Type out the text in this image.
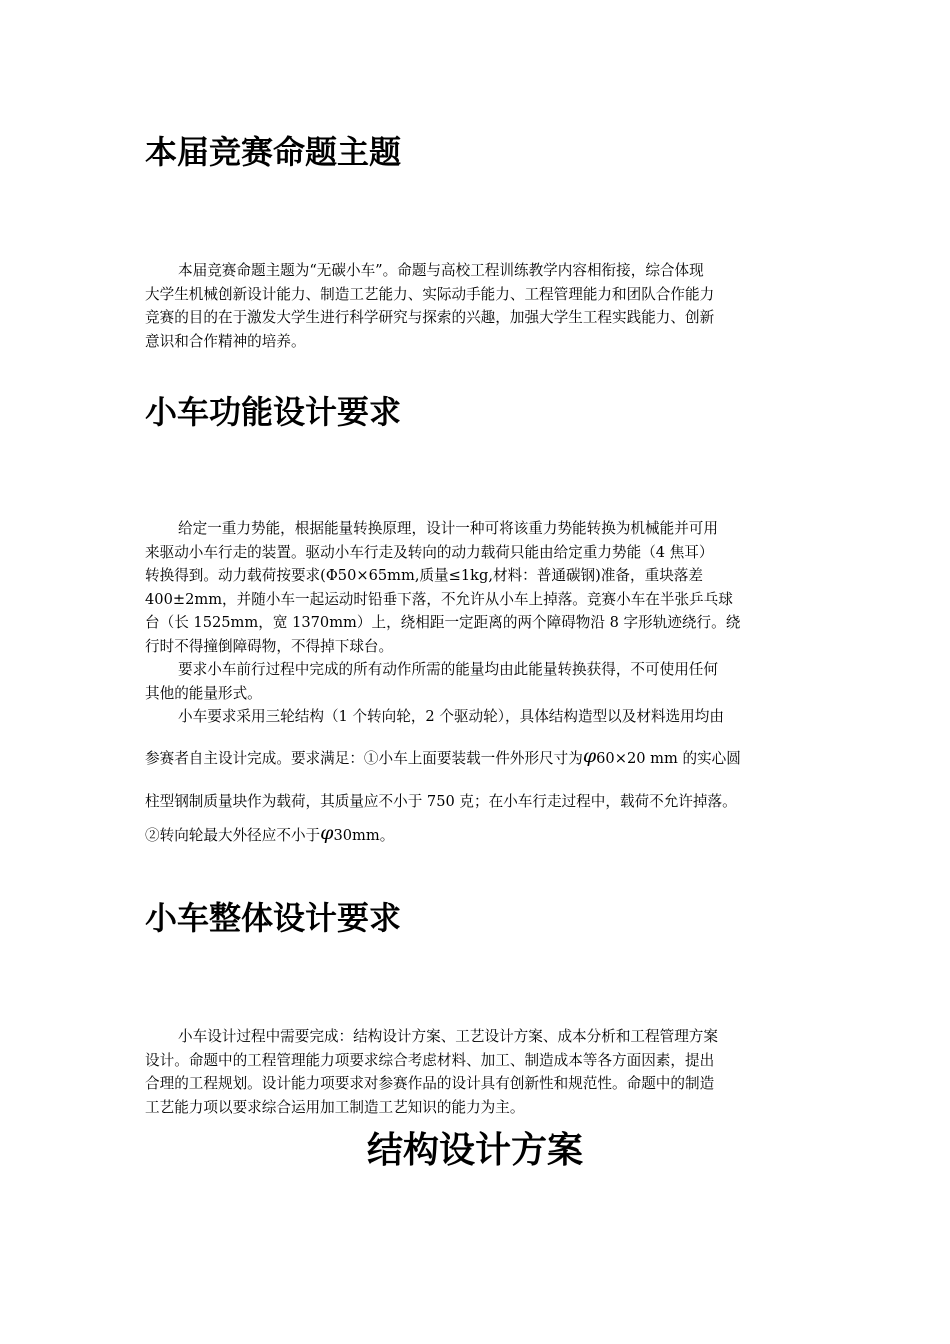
本届竞赛命题主题
本届竞赛命题主题为“无碳小车”。命题与高校工程训练教学内容相衔接，综合体现
大学生机械创新设计能力、制造工艺能力、实际动手能力、工程管理能力和团队合作能力
竞赛的目的在于激发大学生进行科学研究与探索的兴趣，加强大学生工程实践能力、创新
意识和合作精神的培养。
小车功能设计要求
给定一重力势能，根据能量转换原理，设计一种可将该重力势能转换为机械能并可用
来驱动小车行走的装置。驱动小车行走及转向的动力载荷只能由给定重力势能（4 焦耳）
转换得到。动力载荷按要求(Φ50×65mm,质量≤1kg,材料：普通碳钢)准备，重块落差
400±2mm，并随小车一起运动时铅垂下落，不允许从小车上掉落。竞赛小车在半张乒乓球
台（长 1525mm，宽 1370mm）上，绕相距一定距离的两个障碍物沿 8 字形轨迹绕行。绕
行时不得撞倒障碍物，不得掉下球台。
要求小车前行过程中完成的所有动作所需的能量均由此能量转换获得，不可使用任何
其他的能量形式。
小车要求采用三轮结构（1 个转向轮，2 个驱动轮），具体结构造型以及材料选用均由
参赛者自主设计完成。要求满足：①小车上面要装载一件外形尺寸为φ60×20 mm 的实心圆
柱型钢制质量块作为载荷，其质量应不小于 750 克；在小车行走过程中，载荷不允许掉落。
②转向轮最大外径应不小于φ30mm。
小车整体设计要求
小车设计过程中需要完成：结构设计方案、工艺设计方案、成本分析和工程管理方案
设计。命题中的工程管理能力项要求综合考虑材料、加工、制造成本等各方面因素，提出
合理的工程规划。设计能力项要求对参赛作品的设计具有创新性和规范性。命题中的制造
工艺能力项以要求综合运用加工制造工艺知识的能力为主。
结构设计方案
